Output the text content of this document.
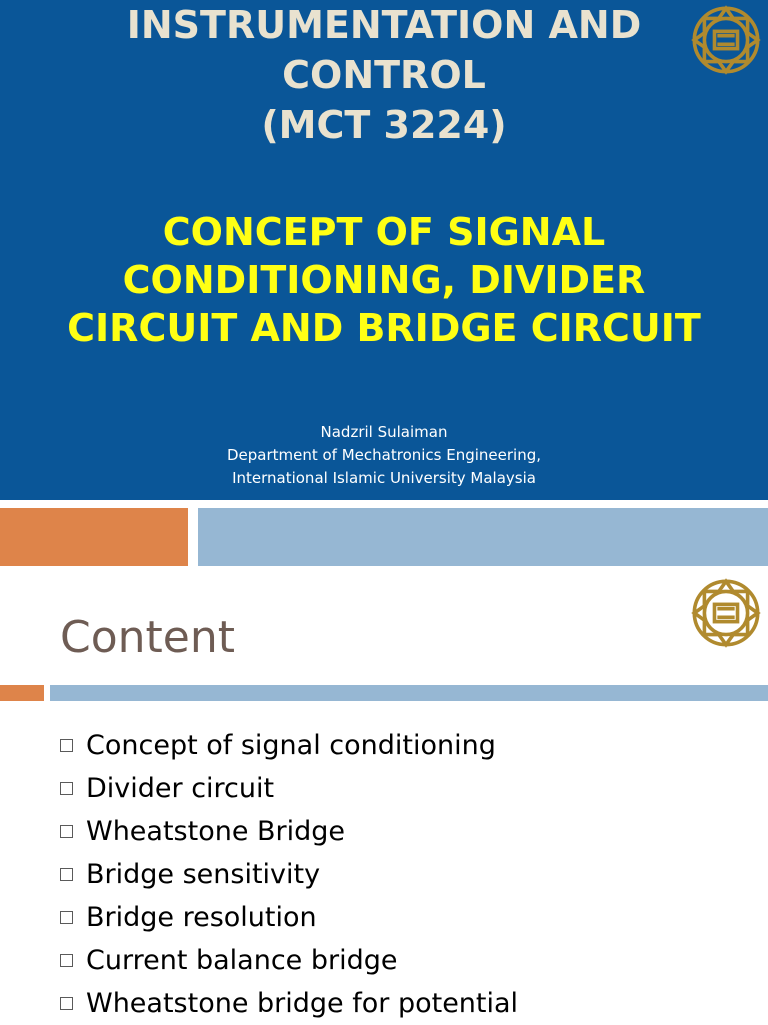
INSTRUMENTATION AND
CONTROL
(MCT 3224)
CONCEPT OF SIGNAL
CONDITIONING, DIVIDER
CIRCUIT AND BRIDGE CIRCUIT
Nadzril Sulaiman
Department of Mechatronics Engineering,
International Islamic University Malaysia
Content
Concept of signal conditioning
Divider circuit
Wheatstone Bridge
Bridge sensitivity
Bridge resolution
Current balance bridge
Wheatstone bridge for potential
